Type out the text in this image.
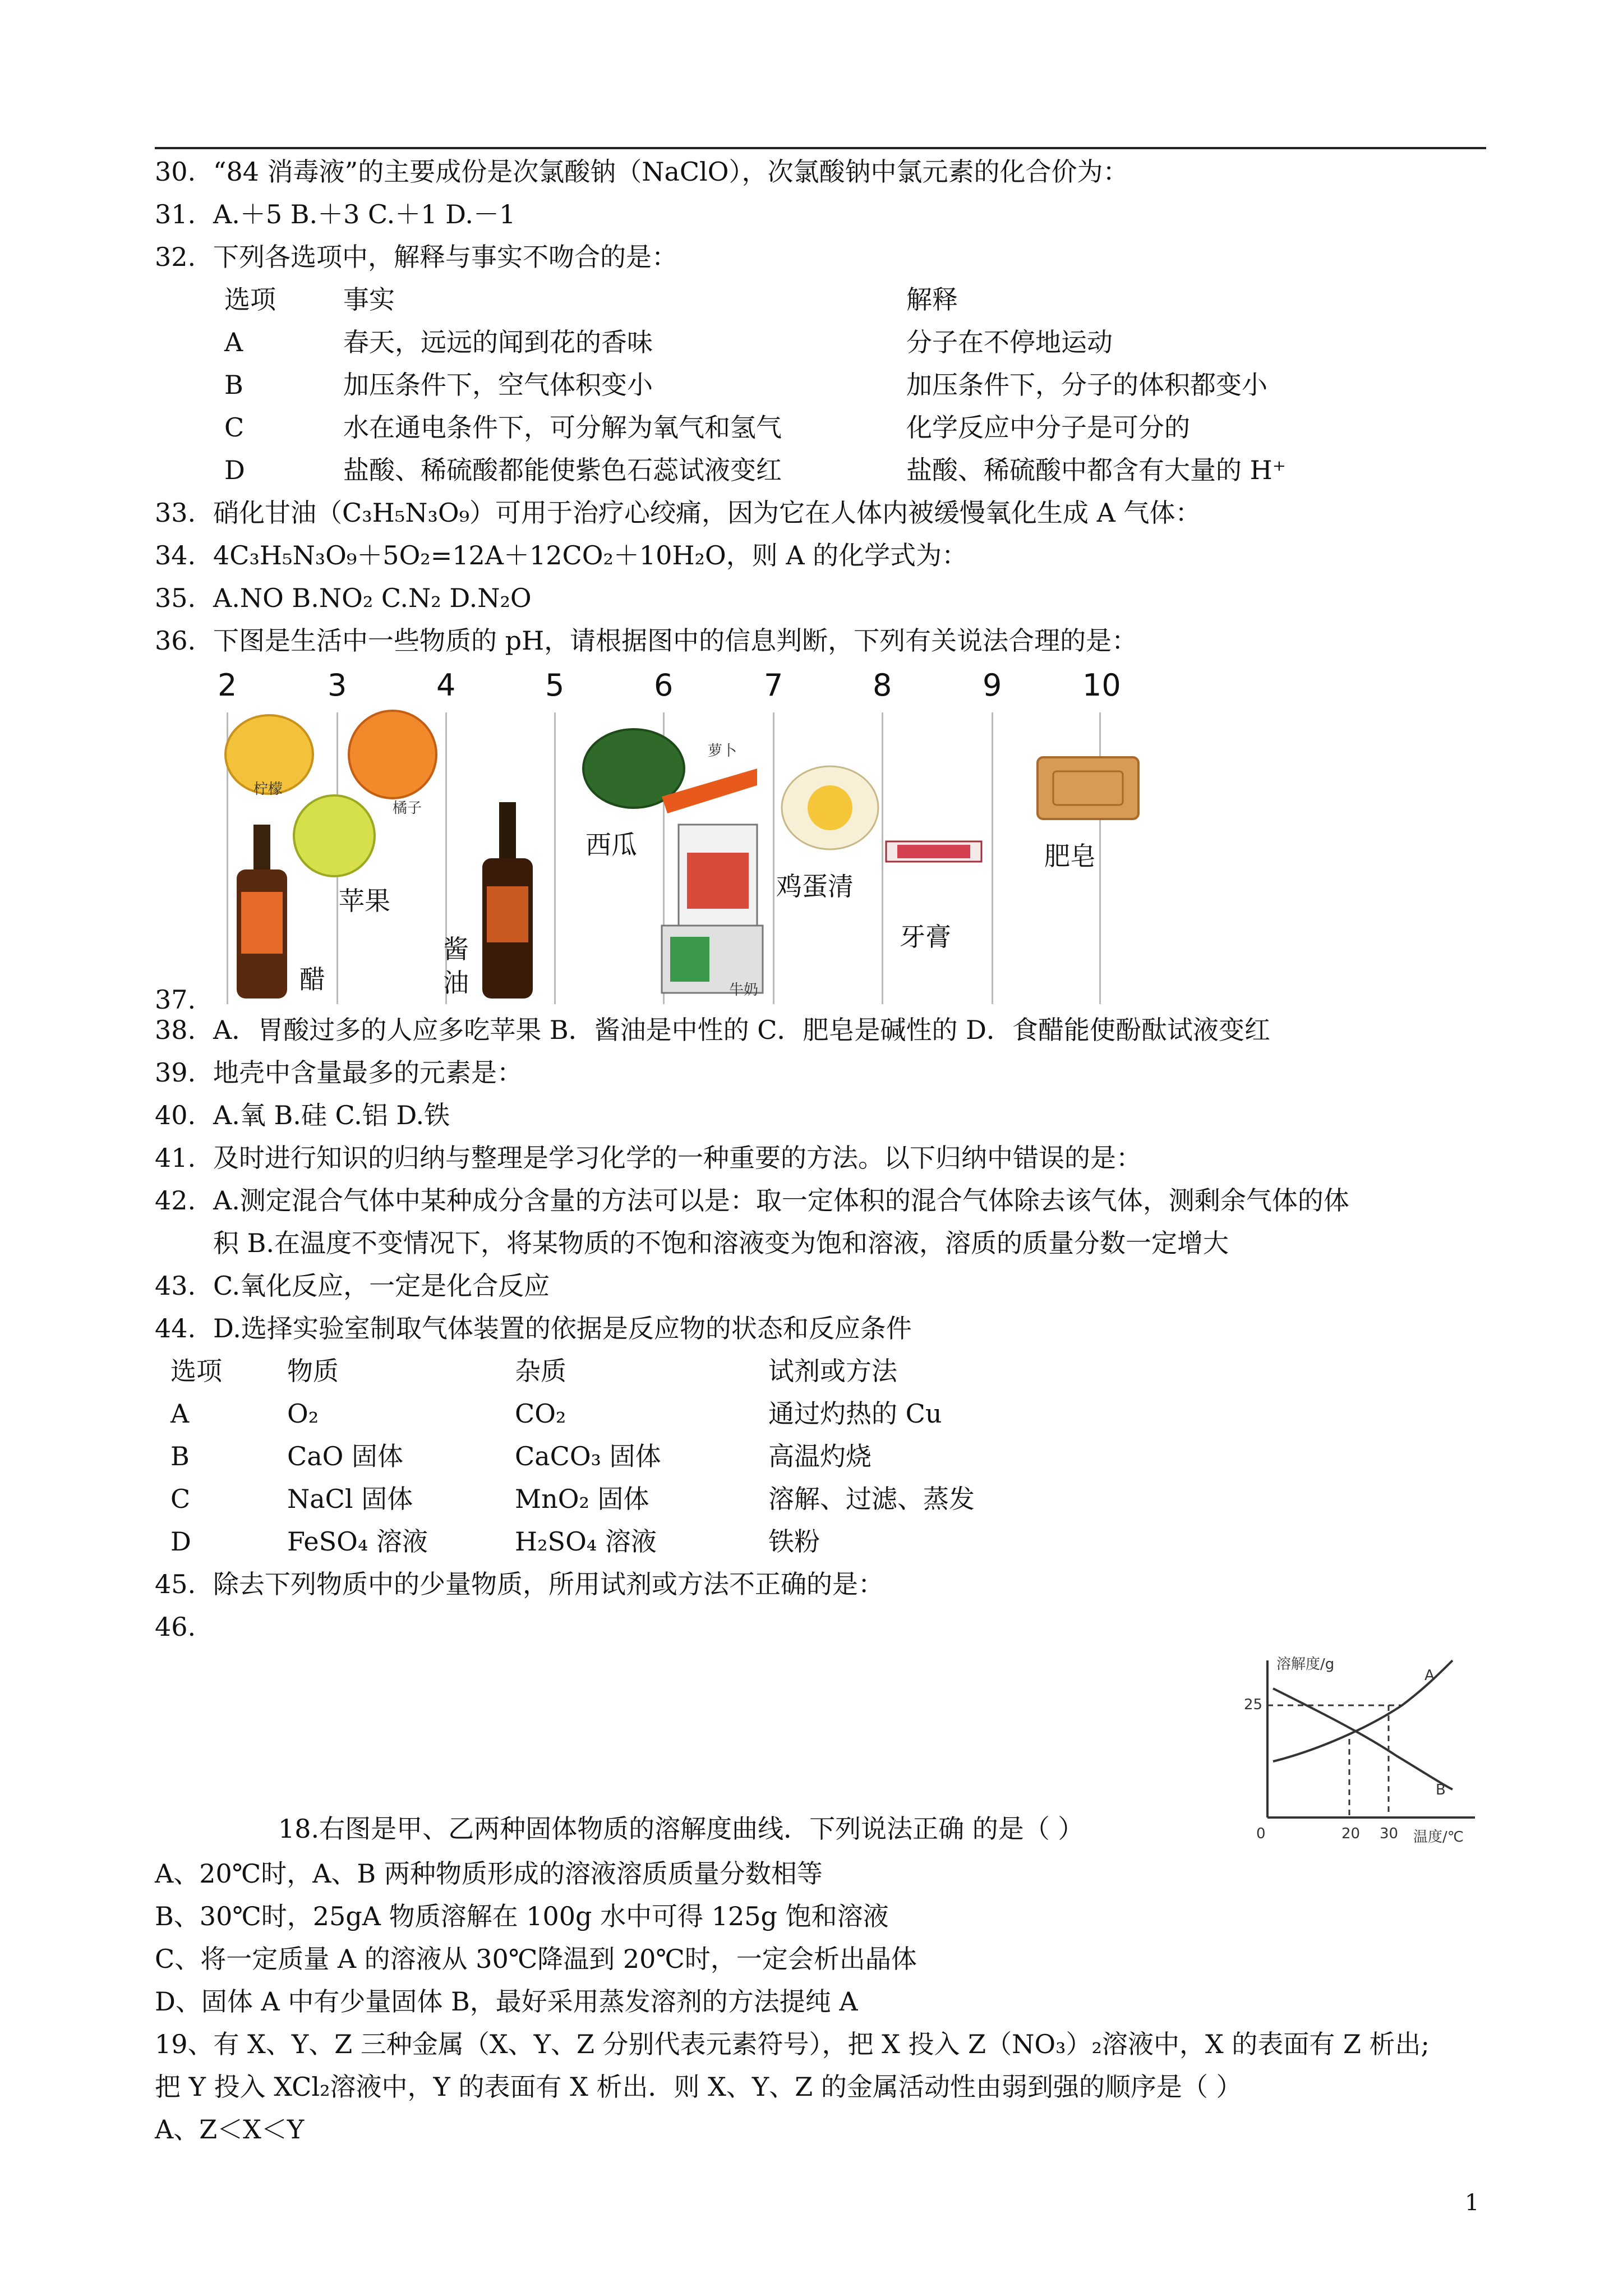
30. “84 消毒液”的主要成份是次氯酸钠（NaClO），次氯酸钠中氯元素的化合价为：
31. A.＋5 B.＋3 C.＋1 D.－1
32. 下列各选项中，解释与事实不吻合的是：
选项	事实	解释
A	春天，远远的闻到花的香味	分子在不停地运动
B	加压条件下，空气体积变小	加压条件下，分子的体积都变小
C	水在通电条件下，可分解为氧气和氢气	化学反应中分子是可分的
D	盐酸、稀硫酸都能使紫色石蕊试液变红	盐酸、稀硫酸中都含有大量的 H⁺
33. 硝化甘油（C₃H₅N₃O₉）可用于治疗心绞痛，因为它在人体内被缓慢氧化生成 A 气体：
34. 4C₃H₅N₃O₉＋5O₂=12A＋12CO₂＋10H₂O，则 A 的化学式为：
35. A.NO B.NO₂ C.N₂ D.N₂O
36. 下图是生活中一些物质的 pH，请根据图中的信息判断，下列有关说法合理的是：
2	3	4	5	6	7	8	9	10
柠檬
橘子
苹果
醋
酱
油
西瓜
萝卜
鸡蛋清
牙膏
肥皂
牛奶
37.
38. A．胃酸过多的人应多吃苹果 B．酱油是中性的 C．肥皂是碱性的 D．食醋能使酚酞试液变红
39. 地壳中含量最多的元素是：
40. A.氧 B.硅 C.铝 D.铁
41. 及时进行知识的归纳与整理是学习化学的一种重要的方法。以下归纳中错误的是：
42. A.测定混合气体中某种成分含量的方法可以是：取一定体积的混合气体除去该气体，测剩余气体的体
积 B.在温度不变情况下，将某物质的不饱和溶液变为饱和溶液，溶质的质量分数一定增大
43. C.氧化反应，一定是化合反应
44. D.选择实验室制取气体装置的依据是反应物的状态和反应条件
选项	物质	杂质	试剂或方法
A	O₂	CO₂	通过灼热的 Cu
B	CaO 固体	CaCO₃ 固体	高温灼烧
C	NaCl 固体	MnO₂ 固体	溶解、过滤、蒸发
D	FeSO₄ 溶液	H₂SO₄ 溶液	铁粉
45. 除去下列物质中的少量物质，所用试剂或方法不正确的是：
46.
溶解度/g
25
0	20 30 温度/℃
A
B
18.右图是甲、乙两种固体物质的溶解度曲线．下列说法正确 的是（ ）
A、20℃时，A、B 两种物质形成的溶液溶质质量分数相等
B、30℃时，25gA 物质溶解在 100g 水中可得 125g 饱和溶液
C、将一定质量 A 的溶液从 30℃降温到 20℃时，一定会析出晶体
D、固体 A 中有少量固体 B，最好采用蒸发溶剂的方法提纯 A
19、有 X、Y、Z 三种金属（X、Y、Z 分别代表元素符号），把 X 投入 Z（NO₃）₂溶液中，X 的表面有 Z 析出;
把 Y 投入 XCl₂溶液中，Y 的表面有 X 析出．则 X、Y、Z 的金属活动性由弱到强的顺序是（ ）
A、Z＜X＜Y
1
